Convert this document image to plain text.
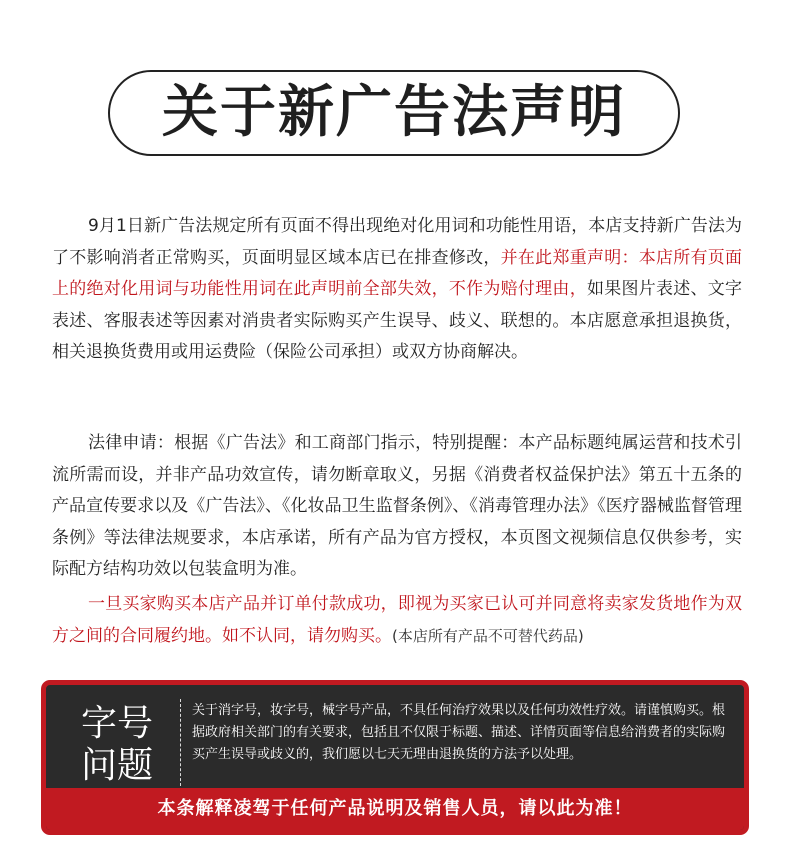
关于新广告法声明

9月1日新广告法规定所有页面不得出现绝对化用词和功能性用语，本店支持新广告法为了不影响消者正常购买，页面明显区域本店已在排查修改，并在此郑重声明：本店所有页面上的绝对化用词与功能性用词在此声明前全部失效，不作为赔付理由，如果图片表述、文字表述、客服表述等因素对消贵者实际购买产生误导、歧义、联想的。本店愿意承担退换货，相关退换货费用或用运费险（保险公司承担）或双方协商解决。

法律申请：根据《广告法》和工商部门指示，特别提醒：本产品标题纯属运营和技术引流所需而设，并非产品功效宣传，请勿断章取义，另据《消费者权益保护法》第五十五条的产品宣传要求以及《广告法》、《化妆品卫生监督条例》、《消毒管理办法》《医疗器械监督管理条例》等法律法规要求，本店承诺，所有产品为官方授权，本页图文视频信息仅供参考，实际配方结构功效以包装盒明为准。

一旦买家购买本店产品并订单付款成功，即视为买家已认可并同意将卖家发货地作为双方之间的合同履约地。如不认同，请勿购买。(本店所有产品不可替代药品)

字号
问题
关于消字号，妆字号，械字号产品，不具任何治疗效果以及任何功效性疗效。请谨慎购买。根据政府相关部门的有关要求，包括且不仅限于标题、描述、详情页面等信息给消费者的实际购买产生误导或歧义的，我们愿以七天无理由退换货的方法予以处理。
本条解释凌驾于任何产品说明及销售人员，请以此为准！
